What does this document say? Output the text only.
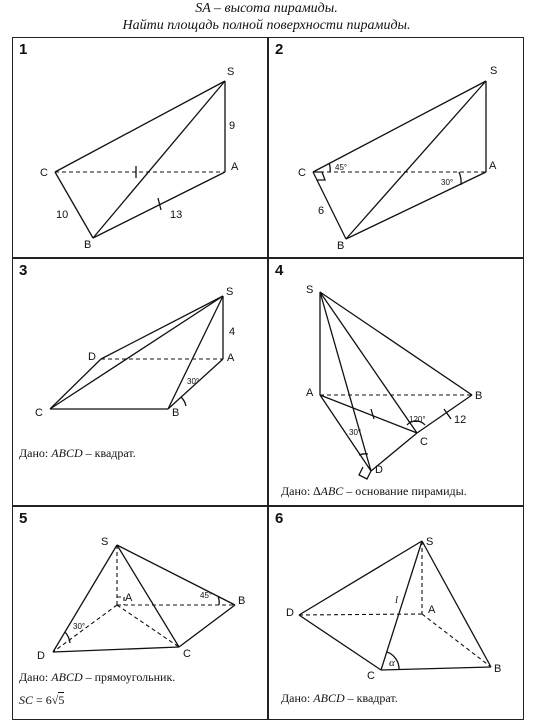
SA – высота пирамиды.
Найти площадь полной поверхности пирамиды.
1
S
C	A
B
9
10	13
2
S
C
A
B
45°
30°
6
3
S
D	A
C	B
4
30°
Дано: ABCD – квадрат.
4
S
A	B
C
D
30°
120°	12
Дано: ∆ABC – основание пирамиды.
5
S
A	B
C
D
30°
45°
Дано: ABCD – прямоугольник.
SC = 6√5
6
S
D	A
C
B
l
α
Дано: ABCD – квадрат.
